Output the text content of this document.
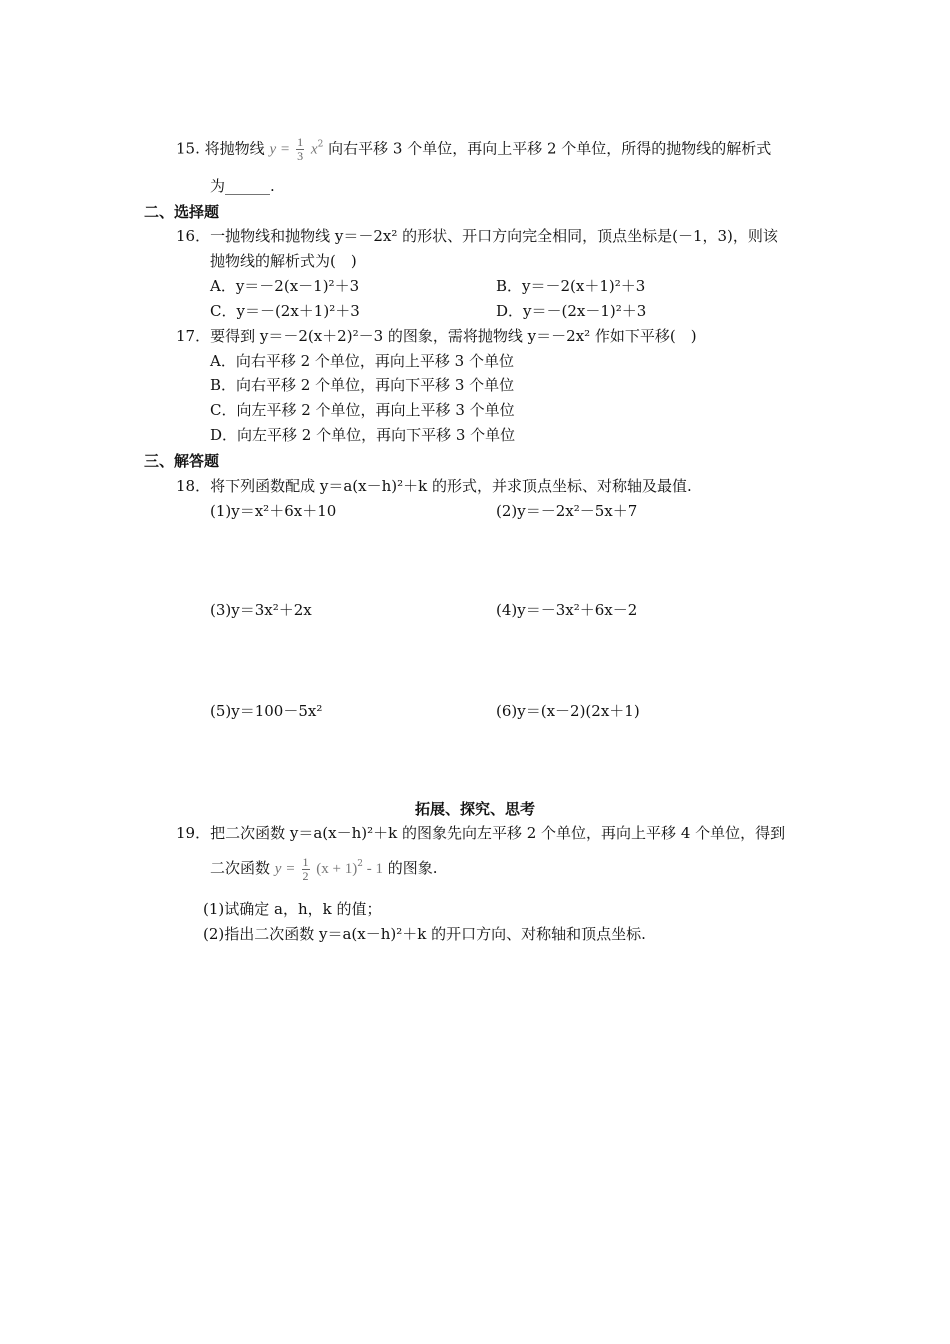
15. 将抛物线 $y = \frac{1}{3} x^2$ 向右平移 3 个单位，再向上平移 2 个单位，所得的抛物线的解析式
为______.
二、选择题
16．一抛物线和抛物线 y＝－2x² 的形状、开口方向完全相同，顶点坐标是(－1，3)，则该
抛物线的解析式为(　)
A．y＝－2(x－1)²＋3	B．y＝－2(x＋1)²＋3
C．y＝－(2x＋1)²＋3	D．y＝－(2x－1)²＋3
17．要得到 y＝－2(x＋2)²－3 的图象，需将抛物线 y＝－2x² 作如下平移(　)
A．向右平移 2 个单位，再向上平移 3 个单位
B．向右平移 2 个单位，再向下平移 3 个单位
C．向左平移 2 个单位，再向上平移 3 个单位
D．向左平移 2 个单位，再向下平移 3 个单位
三、解答题
18．将下列函数配成 y＝a(x－h)²＋k 的形式，并求顶点坐标、对称轴及最值.
(1)y＝x²＋6x＋10	(2)y＝－2x²－5x＋7
(3)y＝3x²＋2x	(4)y＝－3x²＋6x－2
(5)y＝100－5x²	(6)y＝(x－2)(2x＋1)
拓展、探究、思考
19．把二次函数 y＝a(x－h)²＋k 的图象先向左平移 2 个单位，再向上平移 4 个单位，得到
二次函数 $y = \frac{1}{2} (x + 1)^2 - 1$ 的图象.
(1)试确定 a，h，k 的值；
(2)指出二次函数 y＝a(x－h)²＋k 的开口方向、对称轴和顶点坐标.
